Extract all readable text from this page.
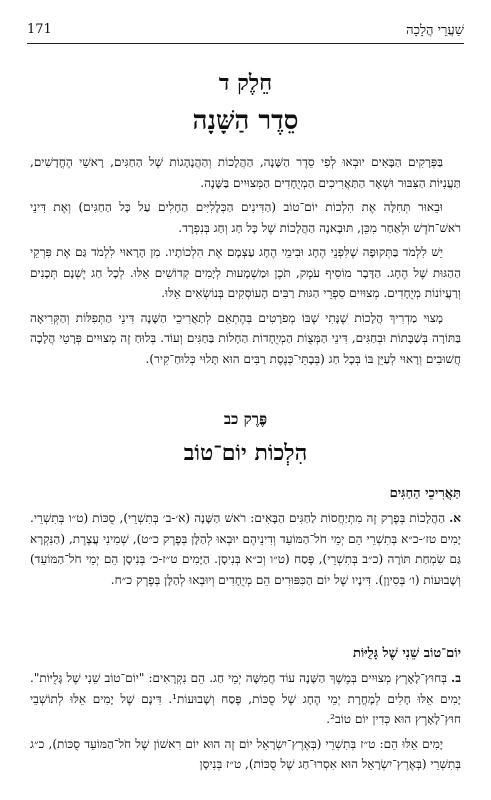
171	שַׁעֲרֵי הֲלָכָה
חֵלֶק ד
סֵדֶר הַשָּׁנָה

בַּפְּרָקִים הַבָּאִים יוּבְאוּ לְפִי סֵדֶר הַשָּׁנָה, הַהֲלָכוֹת וְהַהֲנָהָגוֹת שֶׁל הַחַגִּים, רָאשֵׁי הֶחֳדָשִׁים, תַּעֲנִיּוֹת הַצִּבּוּר וּשְׁאָר הַתַּאֲרִיכִים הַמְיֻחָדִים הַמְּצוּיִים בַּשָּׁנָה.

וּבֵאוּר תְּחִלָּה אֶת הִלְכוֹת יוֹם־טוֹב (הַדִּינִים הַכְּלָלִיִּים הַחָלִים עַל כָּל הַחַגִּים) וְאֶת דִּינֵי רֹאשׁ־חֹדֶשׁ וּלְאַחַר מִכֵּן, תּוּבָאנָה הַהֲלָכוֹת שֶׁל כָּל חַג וְחַג בְּנִפְרָד.

יֵשׁ לִלְמֹד בַּתְּקוּפָה שֶׁלִּפְנֵי הֶחָג וּבִימֵי הֶחָג עַצְמָם אֶת הִלְכוֹתָיו. מִן הָרָאוּי לִלְמֹד גַּם אֶת פִּרְקֵי הַהַגּוּת שֶׁל הֶחָג. הַדָּבָר מוֹסִיף עֹמֶק, תֹּכֶן וּמַשְׁמָעוּת לְיָמִים קְדוֹשִׁים אֵלּוּ. לְכָל חַג יֶשְׁנָם תְּכָנִים וְרַעֲיוֹנוֹת מְיֻחָדִים. מְצוּיִים סִפְרֵי הַגּוּת רַבִּים הָעוֹסְקִים בְּנוֹשְׂאִים אֵלּוּ.

מָצוּי מַדְרִיךְ הֲלָכוֹת שֶׁנָּתִי שֶׁבּוֹ מְפֹרָטִים בְּהֶתְאֵם לְתַאֲרִיכֵי הַשָּׁנָה דִּינֵי הַתְּפִלּוֹת וְהַקְּרִיאָה בַּתּוֹרָה בְּשַׁבָּתוֹת וּבְחַגִּים, דִּינֵי הַמְּצֻוֹת הַמְיֻחָדוֹת הַחָלוֹת בַּחַגִּים וְעוֹד. בְּלוּחַ זֶה מְצוּיִים פְּרָטֵי הֲלָכָה חֲשׁוּבִים וְרָאוּי לְעַיֵּן בּוֹ בְּכָל חַג (בְּבָתֵּי־כְּנֶסֶת רַבִּים הוּא תָּלוּי כְּלוּחַ־קִיר).

פֶּרֶק כב
הִלְכוֹת יוֹם־טוֹב
תַּאֲרִיכֵי הַחַגִּים

א.הַהֲלָכוֹת בְּפֶרֶק זֶה מִתְיַחֲסוֹת לַחַגִּים הַבָּאִים: רֹאשׁ הַשָּׁנָה (א׳-ב׳ בְּתִשְׁרֵי), סֻכּוֹת (ט״ו בְּתִשְׁרֵי. יָמִים טז׳-כ״א בְּתִשְׁרֵי הֵם יְמֵי חֹל־הַמּוֹעֵד וְדִינֵיהֶם יוּבְאוּ לְהַלָּן בְּפֶרֶק כ״ט), שְׁמִינִי עֲצֶרֶת, (הַנִּקְרָא גַּם שִׂמְחַת תּוֹרָה (כ״ב בְּתִשְׁרֵי), פֶּסַח (ט״ו וְכ״א בְּנִיסָן. הַיָּמִים ט״ז-כ׳ בְּנִיסָן הֵם יְמֵי חֹל־הַמּוֹעֵד) וְשָׁבוּעוֹת (ו׳ בְּסִיוָן). דִּינָיו שֶׁל יוֹם הַכִּפּוּרִים הֵם מְיֻחָדִים וְיוּבְאוּ לְהַלָּן בְּפֶרֶק כ״ח.

יוֹם־טוֹב שֵׁנִי שֶׁל גָּלֻיּוֹת

ב.בְּחוּץ־לָאָרֶץ מְצוּיִים בְּמֶשֶׁךְ הַשָּׁנָה עוֹד חֲמִשָּׁה יְמֵי חַג. הֵם נִקְרָאִים: "יוֹם־טוֹב שֵׁנִי שֶׁל גָּלֻיּוֹת". יָמִים אֵלּוּ חָלִים לְמָחֳרָת יְמֵי הֶחָג שֶׁל סֻכּוֹת, פֶּסַח וְשָׁבוּעוֹת¹. דִּינָם שֶׁל יָמִים אֵלּוּ לְתוֹשְׁבֵי חוּץ־לָאָרֶץ הוּא כְּדִין יוֹם טוֹב².

יָמִים אֵלּוּ הֵם: ט״ז בְּתִשְׁרֵי (בְּאֶרֶץ־יִשְׂרָאֵל יוֹם זֶה הוּא יוֹם רִאשׁוֹן שֶׁל חֹל־הַמּוֹעֵד סֻכּוֹת), כ״ג בְּתִשְׁרֵי (בְּאֶרֶץ־יִשְׂרָאֵל הוּא אִסְרוּ־חַג שֶׁל סֻכּוֹת), ט״ז בְּנִיסָן
